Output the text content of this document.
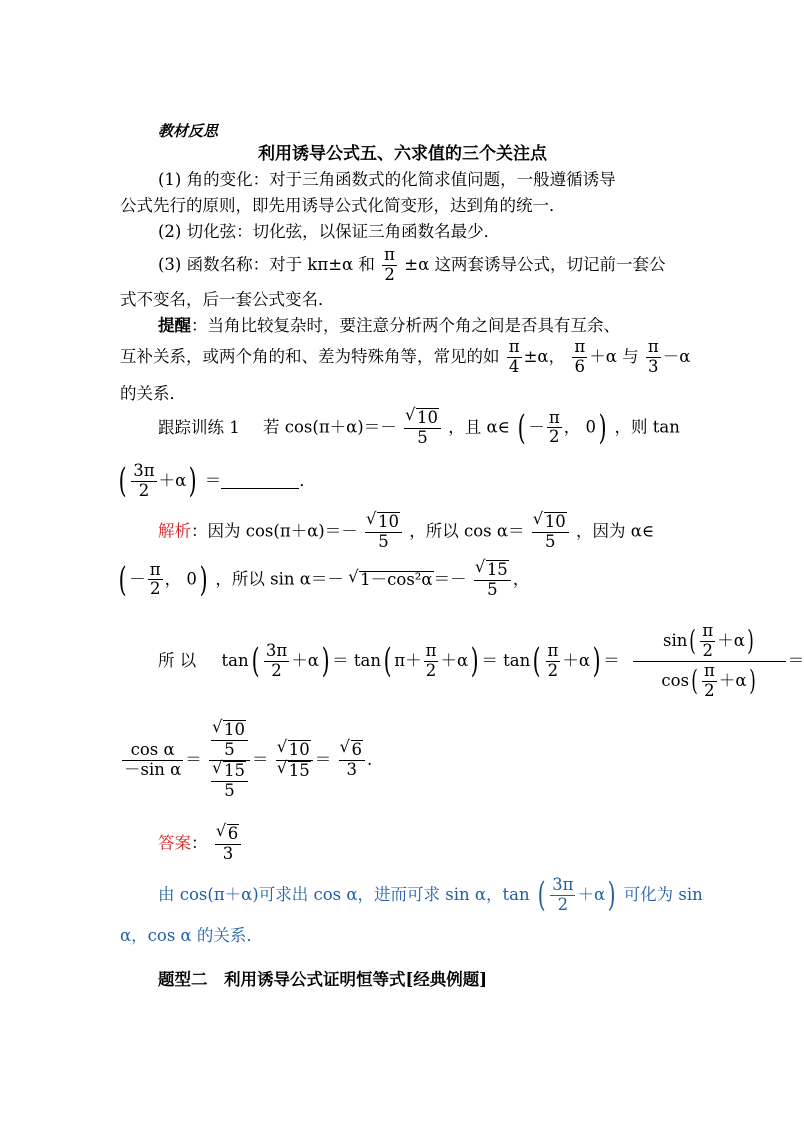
教材反思
利用诱导公式五、六求值的三个关注点
(1) 角的变化：对于三角函数式的化简求值问题，一般遵循诱导
公式先行的原则，即先用诱导公式化简变形，达到角的统一．
(2) 切化弦：切化弦，以保证三角函数名最少．
(3) 函数名称：对于 kπ±α 和 $\frac{\pi}{2} \pm\alpha$ 这两套诱导公式，切记前一套公
式不变名，后一套公式变名．
提醒：当角比较复杂时，要注意分析两个角之间是否具有互余、
互补关系，或两个角的和、差为特殊角等，常见的如 $\frac{\pi}{4} \pm\alpha$， $\frac{\pi}{6} +\alpha$ 与 $\frac{\pi}{3} -\alpha$
的关系．
跟踪训练 1 若 cos(π＋α)＝－ √ $\frac{10}{5}$ ，且 α∈ ( － $\frac{\pi}{2}$ ， 0) ，则 tan
( $\frac{3\pi}{2} +\alpha$) ＝	．
解析：因为 cos(π＋α)＝－ √ $\frac{10}{5}$ ，所以 cos α＝ √ $\frac{10}{5}$ ，因为 α∈
( － $\frac{\pi}{2}$ ， 0) ，所以 sin α＝－ √ 1－cos²α＝－ √ $\frac{15}{5}$ ，
所 以 $\tan( \frac{3\pi}{2} +\alpha) = \tan$( $\pi+ \frac{\pi}{2} +\alpha) = \tan( \frac{\pi}{2} +\alpha) = \frac{\sin( \frac{\pi}{2} +\alpha)}{\cos( \frac{\pi}{2} +\alpha)}$ ＝
$\frac{\text{cos α}}{\text{－sin α}}$ ＝ √ $\frac{10}{5}$
√ $\frac{15}{5}$ ＝ √ 10
√ 15 ＝ √ $\frac{6}{3}$ .
答案： √ $\frac{6}{3}$
由 cos(π＋α)可求出 cos α，进而可求 sin α，tan ( $\frac{3\pi}{2} +\alpha$) 可化为 sin
α，cos α 的关系．
题型二　利用诱导公式证明恒等式[经典例题]
